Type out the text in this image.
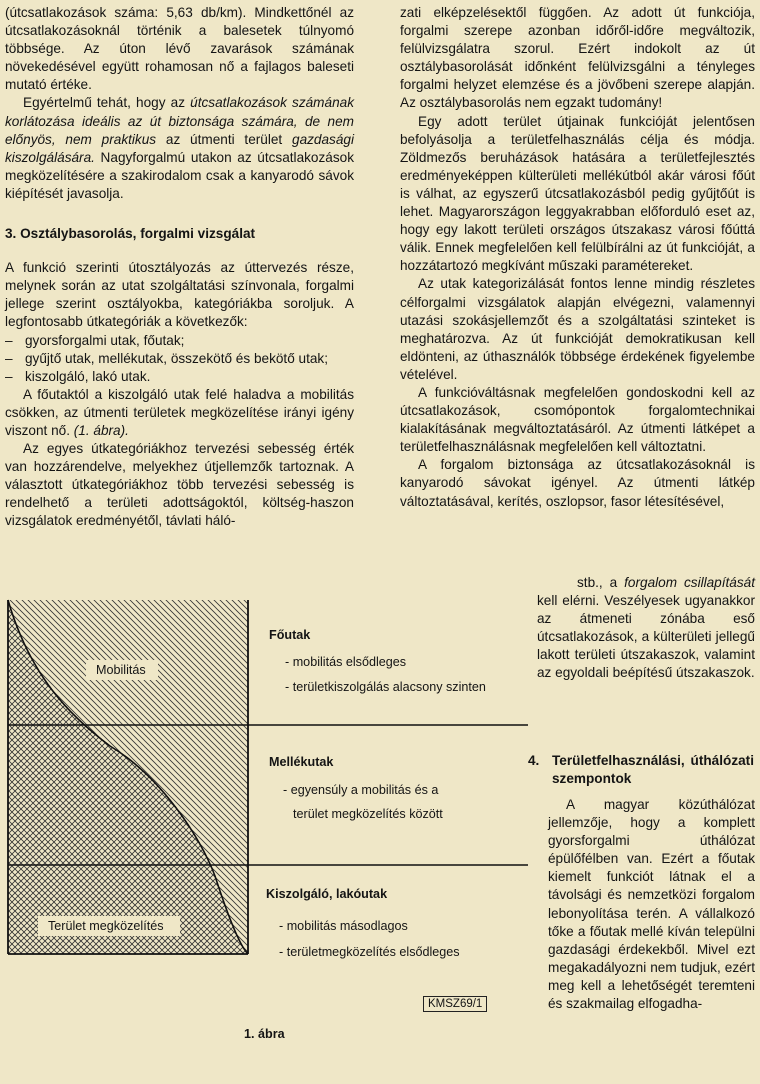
(útcsatlakozások száma: 5,63 db/km). Mindkettőnél az útcsatlakozásoknál történik a balesetek túlnyomó többsége. Az úton lévő zavarások számának növekedésével együtt rohamosan nő a fajlagos baleseti mutató értéke.

Egyértelmű tehát, hogy az útcsatlakozások számának korlátozása ideális az út biztonsága számára, de nem előnyös, nem praktikus az útmenti terület gazdasági kiszolgálására. Nagyforgalmú utakon az útcsatlakozások megközelítésére a szakirodalom csak a kanyarodó sávok kiépítését javasolja.

3. Osztálybasorolás, forgalmi vizsgálat

A funkció szerinti útosztályozás az úttervezés része, melynek során az utat szolgáltatási színvonala, forgalmi jellege szerint osztályokba, kategóriákba soroljuk. A legfontosabb útkategóriák a következők:

– gyorsforgalmi utak, főutak;
– gyűjtő utak, mellékutak, összekötő és bekötő utak;
– kiszolgáló, lakó utak.

A főutaktól a kiszolgáló utak felé haladva a mobilitás csökken, az útmenti területek megközelítése irányi igény viszont nő. (1. ábra).

Az egyes útkategóriákhoz tervezési sebesség érték van hozzárendelve, melyekhez útjellemzők tartoznak. A választott útkategóriákhoz több tervezési sebesség is rendelhető a területi adottságoktól, költség-haszon vizsgálatok eredményétől, távlati háló-

zati elképzelésektől függően. Az adott út funkciója, forgalmi szerepe azonban időről-időre megváltozik, felülvizsgálatra szorul. Ezért indokolt az út osztálybasorolását időnként felülvizsgálni a tényleges forgalmi helyzet elemzése és a jövőbeni szerepe alapján. Az osztálybasorolás nem egzakt tudomány!

Egy adott terület útjainak funkcióját jelentősen befolyásolja a területfelhasználás célja és módja. Zöldmezős beruházások hatására a területfejlesztés eredményeképpen külterületi mellékútból akár városi főút is válhat, az egyszerű útcsatlakozásból pedig gyűjtőút is lehet. Magyarországon leggyakrabban előforduló eset az, hogy egy lakott területi országos útszakasz városi főúttá válik. Ennek megfelelően kell felülbírálni az út funkcióját, a hozzátartozó megkívánt műszaki paramétereket.

Az utak kategorizálását fontos lenne mindig részletes célforgalmi vizsgálatok alapján elvégezni, valamennyi utazási szokásjellemzőt és a szolgáltatási szinteket is meghatározva. Az út funkcióját demokratikusan kell eldönteni, az úthasználók többsége érdekének figyelembe vételével.

A funkcióváltásnak megfelelően gondoskodni kell az útcsatlakozások, csomópontok forgalomtechnikai kialakításának megváltoztatásáról. Az útmenti látképet a területfelhasználásnak megfelelően kell változtatni.

A forgalom biztonsága az útcsatlakozásoknál is kanyarodó sávokat igényel. Az útmenti látkép változtatásával, kerítés, oszlopsor, fasor létesítésével,

stb., a forgalom csillapítását kell elérni. Veszélyesek ugyanakkor az átmeneti zónába eső útcsatlakozások, a külterületi jellegű lakott területi útszakaszok, valamint az egyoldali beépítésű útszakaszok.

4. Területfelhasználási, úthálózati szempontok

A magyar közúthálózat jellemzője, hogy a komplett gyorsforgalmi úthálózat épülőfélben van. Ezért a főutak kiemelt funkciót látnak el a távolsági és nemzetközi forgalom lebonyolítása terén. A vállalkozó tőke a főutak mellé kíván települni gazdasági érdekekből. Mivel ezt megakadályozni nem tudjuk, ezért meg kell a lehetőségét teremteni és szakmailag elfogadha-

Mobilitás
Terület megközelítés
Főutak
- mobilitás elsődleges
- területkiszolgálás alacsony szinten
Mellékutak
- egyensúly a mobilitás és a
terület megközelítés között
Kiszolgáló, lakóutak
- mobilitás másodlagos
- területmegközelítés elsődleges
KMSZ69/1
1. ábra
